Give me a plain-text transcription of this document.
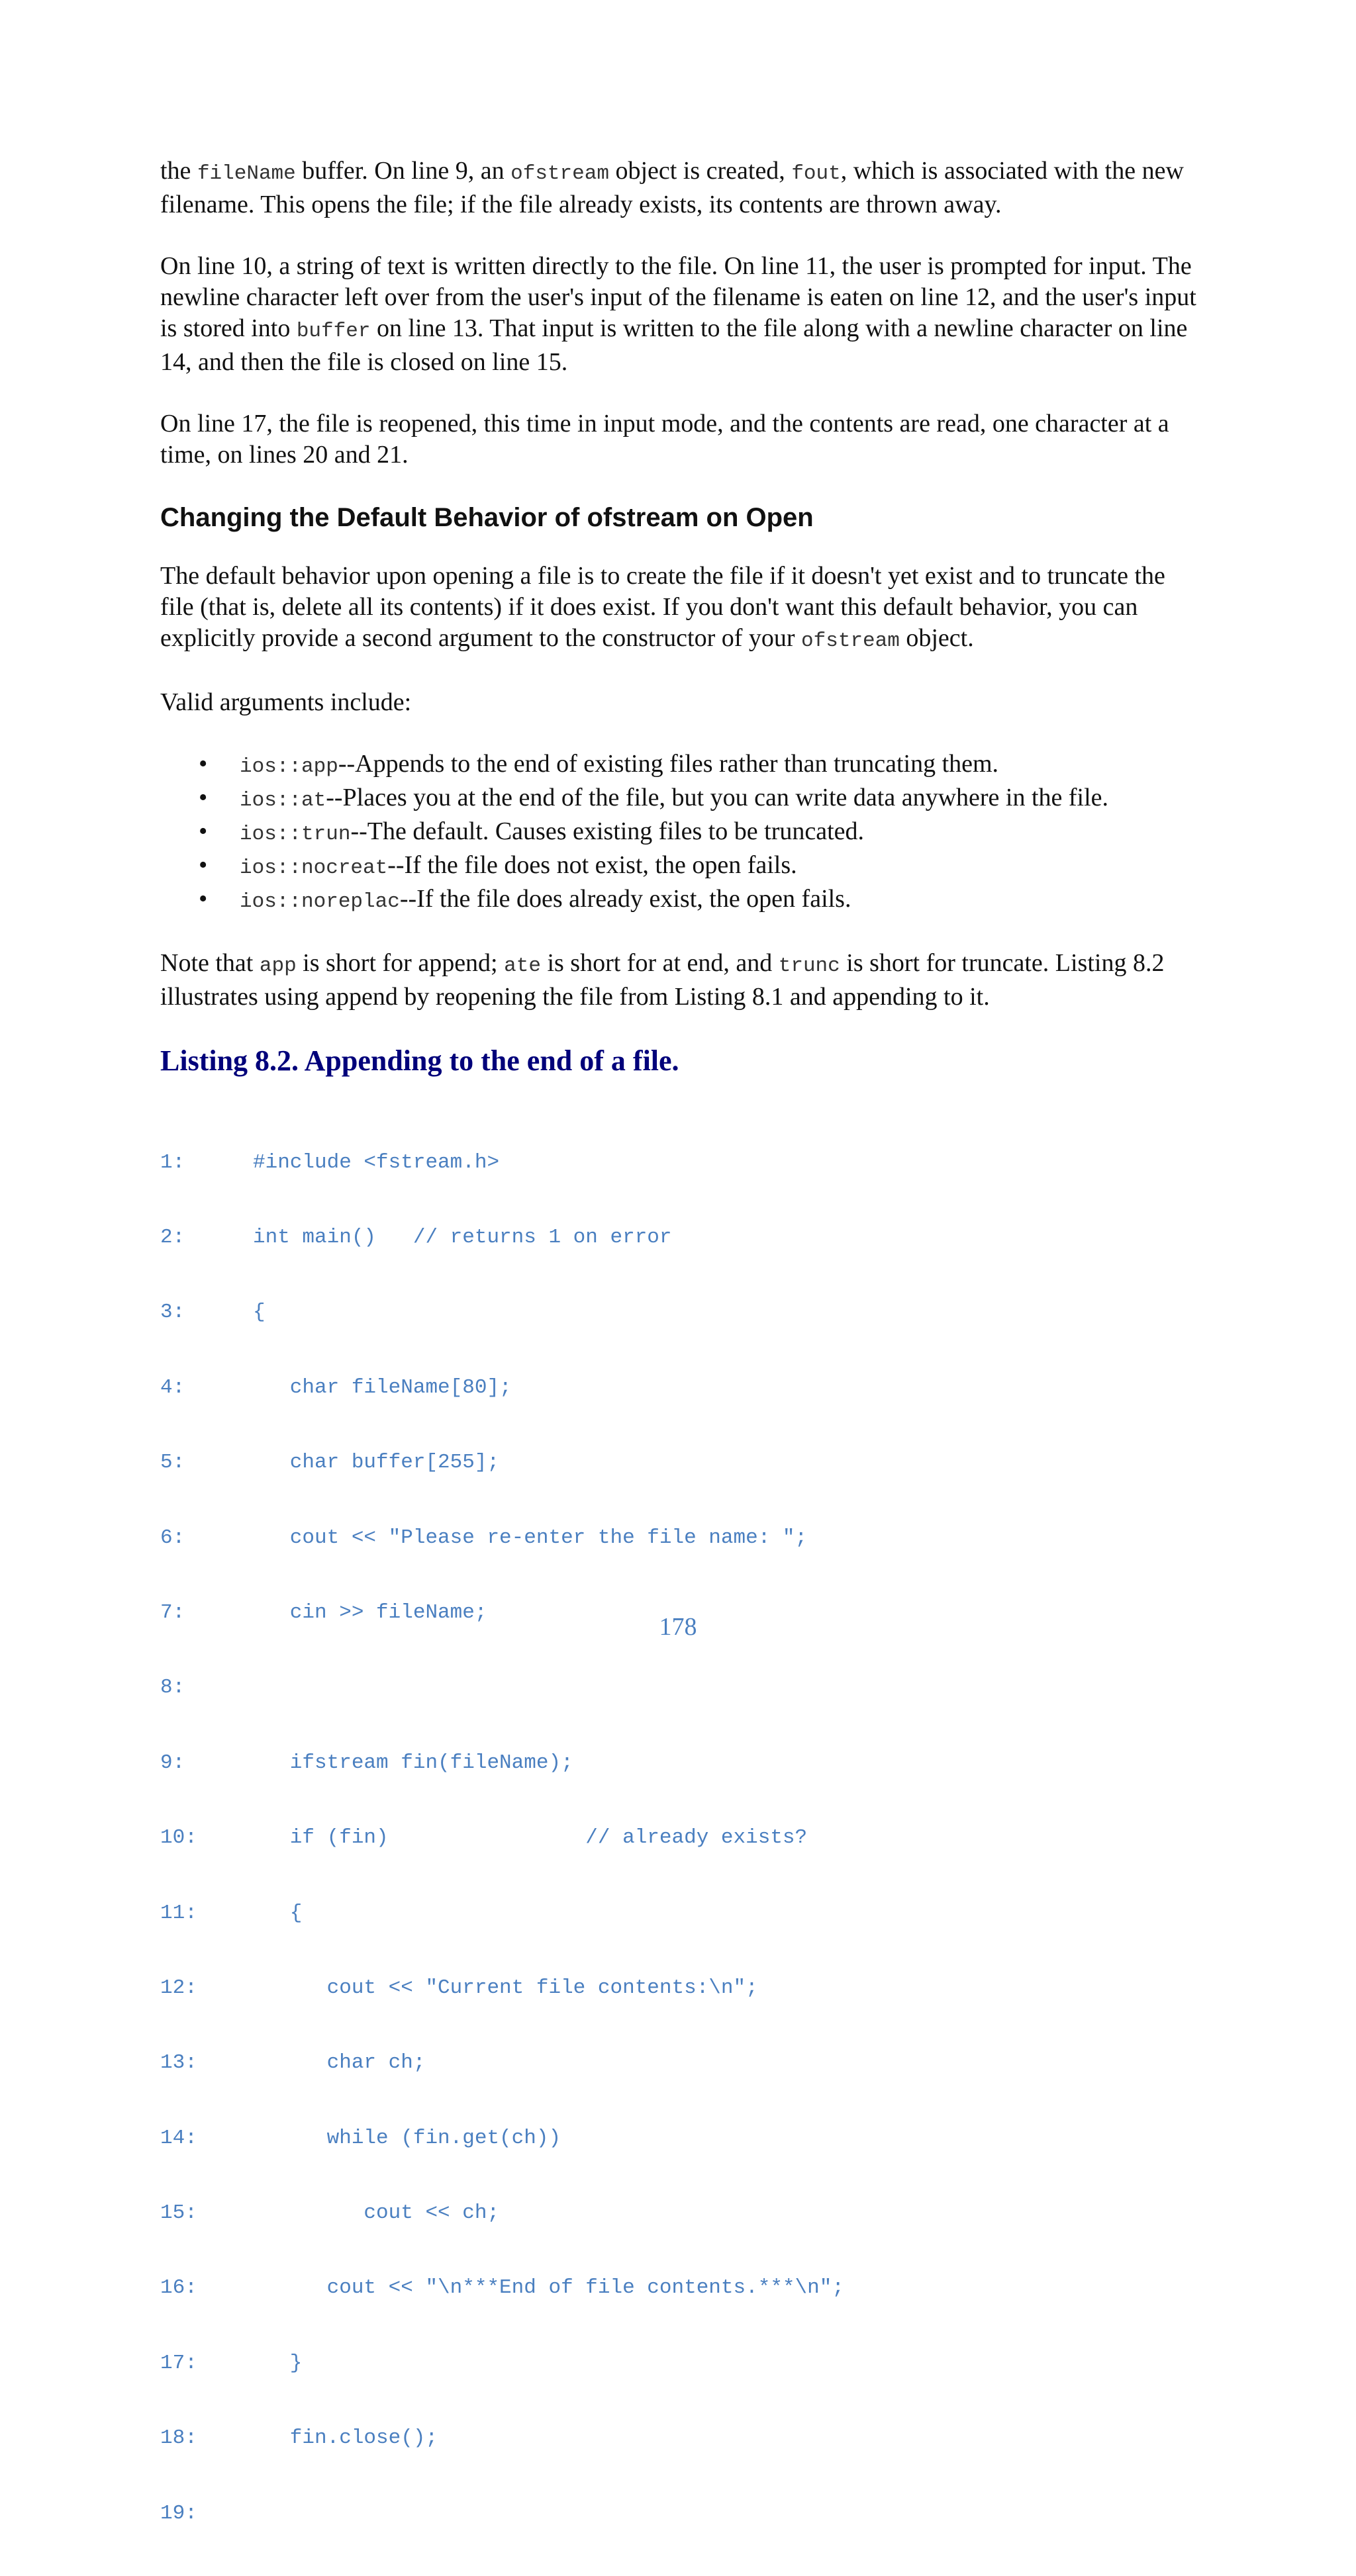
the fileName buffer. On line 9, an ofstream object is created, fout, which is associated with the new filename. This opens the file; if the file already exists, its contents are thrown away.

On line 10, a string of text is written directly to the file. On line 11, the user is prompted for input. The newline character left over from the user's input of the filename is eaten on line 12, and the user's input is stored into buffer on line 13. That input is written to the file along with a newline character on line 14, and then the file is closed on line 15.

On line 17, the file is reopened, this time in input mode, and the contents are read, one character at a time, on lines 20 and 21.

Changing the Default Behavior of ofstream on Open

The default behavior upon opening a file is to create the file if it doesn't yet exist and to truncate the file (that is, delete all its contents) if it does exist. If you don't want this default behavior, you can explicitly provide a second argument to the constructor of your ofstream object.

Valid arguments include:

• ios::app--Appends to the end of existing files rather than truncating them.
• ios::at--Places you at the end of the file, but you can write data anywhere in the file.
• ios::trun--The default. Causes existing files to be truncated.
• ios::nocreat--If the file does not exist, the open fails.
• ios::noreplac--If the file does already exist, the open fails.

Note that app is short for append; ate is short for at end, and trunc is short for truncate. Listing 8.2 illustrates using append by reopening the file from Listing 8.1 and appending to it.

Listing 8.2. Appending to the end of a file.

1:	#include <fstream.h>

2:	int main()   // returns 1 on error

3:	{

4:	char fileName[80];

5:	char buffer[255];

6:	cout << "Please re-enter the file name: ";

7:	cin >> fileName;

8:

9:	ifstream fin(fileName);

10:	if (fin)                // already exists?

11:	{

12:	cout << "Current file contents:\n";

13:	char ch;

14:	while (fin.get(ch))

15:	cout << ch;

16:	cout << "\n***End of file contents.***\n";

17:	}

18:	fin.close();

19:

178
